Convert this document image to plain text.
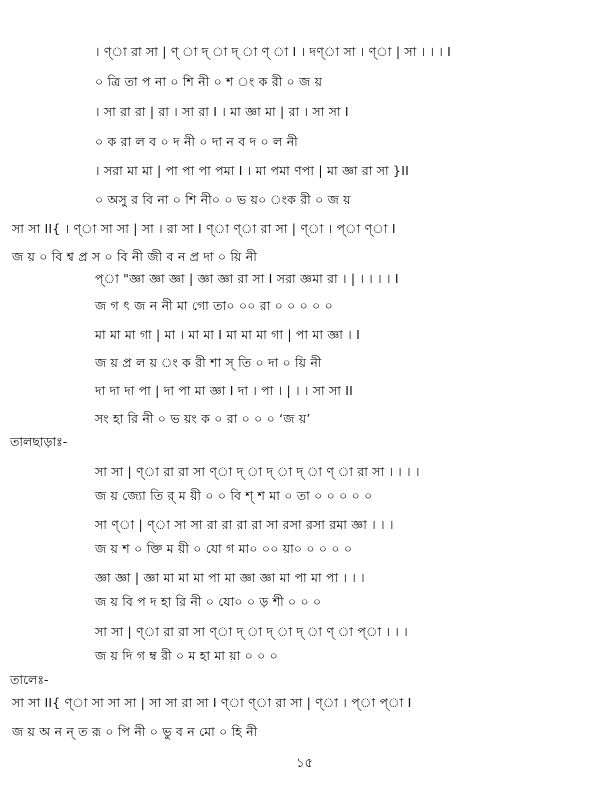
। ণ্া রা সা | ণ্ া দ্ া দ্ া ণ্ া I । দণ্া সা । ণ্া | সা । । । I
০ ত্রি তা প না ০ শি নী ০ শ ং ক রী ০ জ য়
। সা রা রা | রা । সা রা I । মা জ্ঞা মা | রা । সা সা I
০ ক রা ল ব ০ দ নী ০ দা ন ব দ ০ ল নী
। সরা মা মা | পা পা পা পমা I । মা পমা ণপা | মা জ্ঞা রা সা }II
০ অসু র বি না ০ শি নী০ ০ ভ য়০ ংক রী ০ জ য়
সা সা II{ । ণ্া সা সা | সা । রা সা I ণ্া ণ্া রা সা | ণ্া । প্া ণ্া I
জ য় ০ বি শ্ব প্র স ০ বি নী জী ব ন প্র দা ০ য়ি নী
প্া "জ্ঞা জ্ঞা জ্ঞা | জ্ঞা জ্ঞা রা সা I সরা জ্ঞমা রা । | । । । । I
জ গ ৎ জ ন নী মা গো তা০ ০০ রা ০ ০ ০ ০ ০
মা মা মা গা | মা । মা মা I মা মা মা গা | পা মা জ্ঞা । I
জ য় প্র ল য় ং ক রী শা স্ তি ০ দা ০ য়ি নী
দা দা দা পা | দা পা মা জ্ঞা I দা । পা । | । । সা সা II
সং হা রি নী ০ ভ য়ং ক ০ রা ০ ০ ০ ‘জ য়’
তালছাড়াঃ-
সা সা | ণ্া রা রা সা ণ্া দ্ া দ্ া দ্ া ণ্ া রা সা । । । ।
জ য় জ্যো তি র্ ম য়ী ০ ০ বি শ্ শ মা ০ তা ০ ০ ০ ০ ০
সা ণ্া | ণ্া সা সা রা রা রা রা সা রসা রসা রমা জ্ঞা । । ।
জ য় শ ০ ক্তি ম য়ী ০ যো গ মা০ ০০ য়া০ ০ ০ ০ ০
জ্ঞা জ্ঞা | জ্ঞা মা মা মা পা মা জ্ঞা জ্ঞা মা পা মা পা । । ।
জ য় বি প দ হা রি নী ০ যো০ ০ ড় শী ০ ০ ০
সা সা | ণ্া রা রা সা ণ্া দ্ া দ্ া দ্ া ণ্ া প্া । । ।
জ য় দি গ ম্ব রী ০ ম হা মা য়া ০ ০ ০
তালেঃ-
সা সা II{ ণ্া সা সা সা | সা সা রা সা I ণ্া ণ্া রা সা | ণ্া । প্া প্া I
জ য় অ ন ন্ ত রূ ০ পি নী ০ ভু ব ন মো ০ হি নী
১৫
